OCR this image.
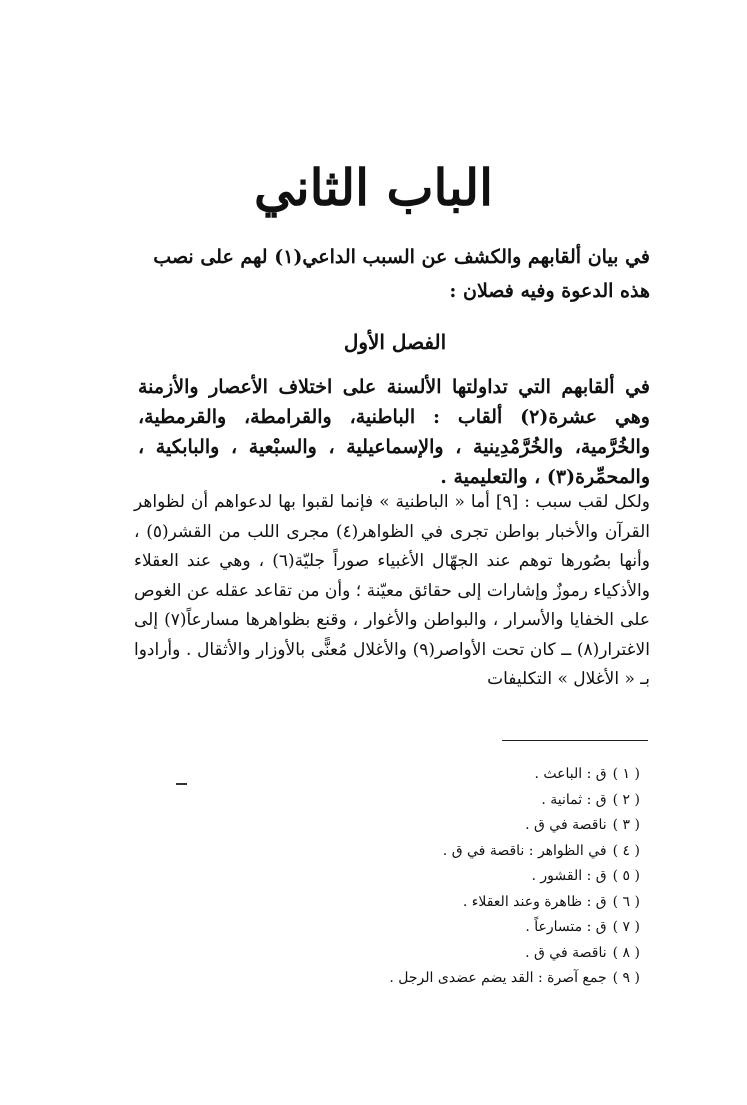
الباب الثاني
في بيان ألقابهم والكشف عن السبب الداعي(١) لهم على نصب هذه الدعوة وفيه فصلان :
الفصل الأول
في ألقابهم التي تداولتها الألسنة على اختلاف الأعصار والأزمنة وهي عشرة(٢) ألقاب : الباطنية، والقرامطة، والقرمطية، والخُرَّمية، والخُرَّمْدِينية ، والإسماعيلية ، والسبْعية ، والبابكية ، والمحمِّرة(٣) ، والتعليمية .
ولكل لقب سبب : [٩] أما « الباطنية » فإنما لقبوا بها لدعواهم أن لظواهر القرآن والأخبار بواطن تجرى في الظواهر(٤) مجرى اللب من القشر(٥) ، وأنها بصُورها توهم عند الجهّال الأغبياء صوراً جليّة(٦) ، وهي عند العقلاء والأذكياء رموزٌ وإشارات إلى حقائق معيّنة ؛ وأن من تقاعد عقله عن الغوص على الخفايا والأسرار ، والبواطن والأغوار ، وقنع بظواهرها مسارعاً(٧) إلى الاغترار(٨) ــ كان تحت الأواصر(٩) والأغلال مُعنًّى بالأوزار والأثقال . وأرادوا بـ « الأغلال » التكليفات
( ١ )ق : الباعث .
( ٢ )ق : ثمانية .
( ٣ )ناقصة في ق .
( ٤ )في الظواهر : ناقصة في ق .
( ٥ )ق : القشور .
( ٦ )ق : ظاهرة وعند العقلاء .
( ٧ )ق : متسارعاً .
( ٨ )ناقصة في ق .
( ٩ )جمع آصرة : القد يضم عضدى الرجل .
